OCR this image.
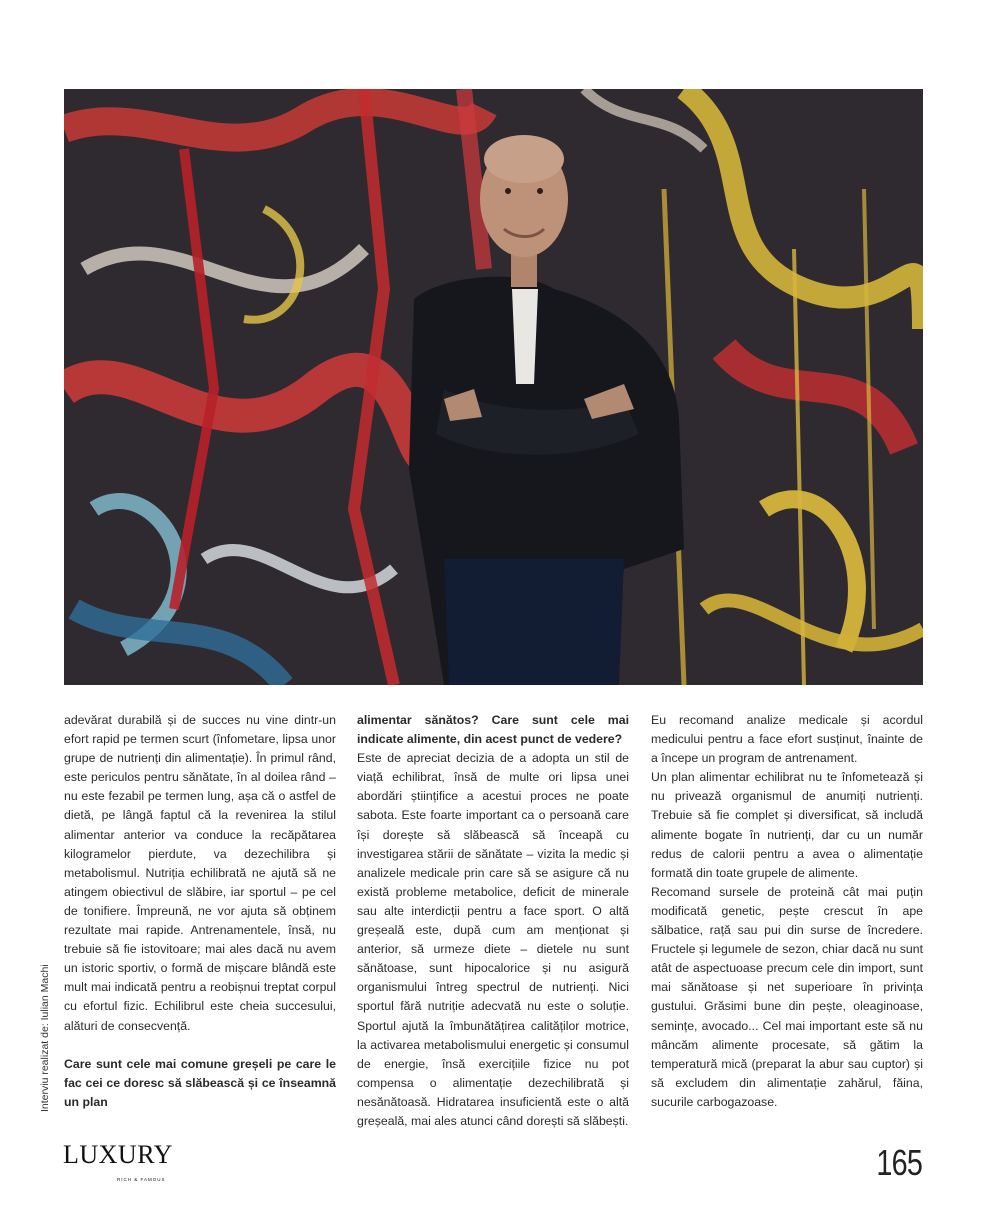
adevărat durabilă și de succes nu vine dintr-un efort rapid pe termen scurt (înfometare, lipsa unor grupe de nutrienți din alimentație). În primul rând, este periculos pentru sănătate, în al doilea rând – nu este fezabil pe termen lung, așa că o astfel de dietă, pe lângă faptul că la revenirea la stilul alimentar anterior va conduce la recăpătarea kilogramelor pierdute, va dezechilibra și metabolismul. Nutriția echilibrată ne ajută să ne atingem obiectivul de slăbire, iar sportul – pe cel de tonifiere. Împreună, ne vor ajuta să obținem rezultate mai rapide. Antrenamentele, însă, nu trebuie să fie istovitoare; mai ales dacă nu avem un istoric sportiv, o formă de mișcare blândă este mult mai indicată pentru a reobișnui treptat corpul cu efortul fizic. Echilibrul este cheia succesului, alături de consecvență.

Care sunt cele mai comune greșeli pe care le fac cei ce doresc să slăbească și ce înseamnă un plan

alimentar sănătos? Care sunt cele mai indicate alimente, din acest punct de vedere?

Este de apreciat decizia de a adopta un stil de viață echilibrat, însă de multe ori lipsa unei abordări științifice a acestui proces ne poate sabota. Este foarte important ca o persoană care își dorește să slăbească să înceapă cu investigarea stării de sănătate – vizita la medic și analizele medicale prin care să se asigure că nu există probleme metabolice, deficit de minerale sau alte interdicții pentru a face sport. O altă greșeală este, după cum am menționat și anterior, să urmeze diete – dietele nu sunt sănătoase, sunt hipocalorice și nu asigură organismului întreg spectrul de nutrienți. Nici sportul fără nutriție adecvată nu este o soluție. Sportul ajută la îmbunătățirea calităților motrice, la activarea metabolismului energetic și consumul de energie, însă exercițiile fizice nu pot compensa o alimentație dezechilibrată și nesănătoasă. Hidratarea insuficientă este o altă greșeală, mai ales atunci când dorești să slăbești.

Eu recomand analize medicale și acordul medicului pentru a face efort susținut, înainte de a începe un program de antrenament.

Un plan alimentar echilibrat nu te înfometează și nu privează organismul de anumiți nutrienți. Trebuie să fie complet și diversificat, să includă alimente bogate în nutrienți, dar cu un număr redus de calorii pentru a avea o alimentație formată din toate grupele de alimente.

Recomand sursele de proteină cât mai puțin modificată genetic, pește crescut în ape sălbatice, rață sau pui din surse de încredere. Fructele și legumele de sezon, chiar dacă nu sunt atât de aspectuoase precum cele din import, sunt mai sănătoase și net superioare în privința gustului. Grăsimi bune din pește, oleaginoase, semințe, avocado... Cel mai important este să nu mâncăm alimente procesate, să gătim la temperatură mică (preparat la abur sau cuptor) și să excludem din alimentație zahărul, făina, sucurile carbogazoase.

Interviu realizat de: Iulian Machi
LUXURY
RICH & FAMOUS	165
